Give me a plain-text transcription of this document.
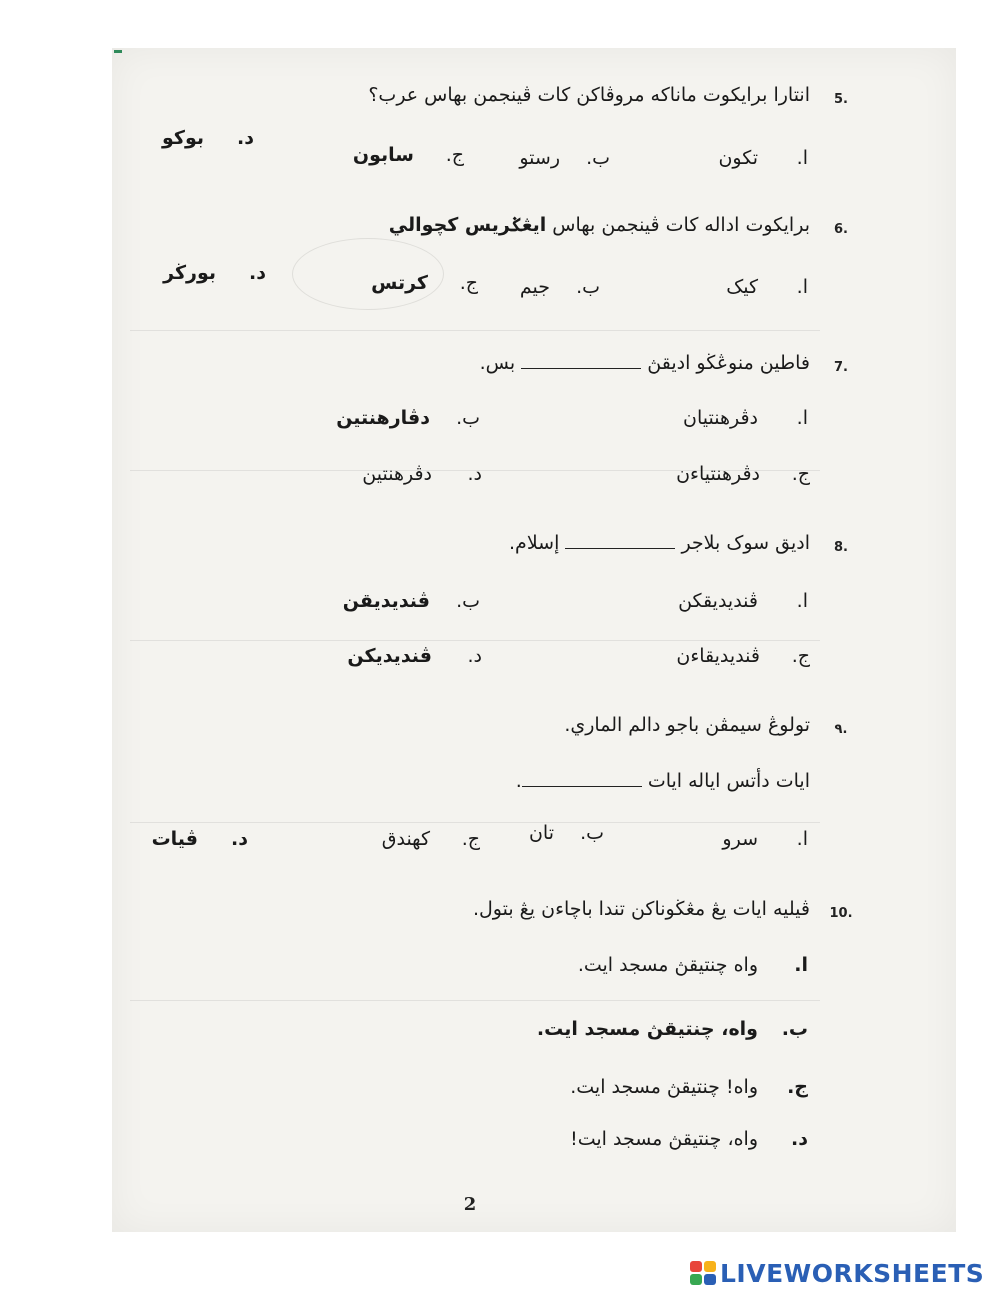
5.
انتارا برايكوت ماناكه مروڤاكن كات ڤينجمن بهاس عرب؟
ا.تكون
ب.رستو
ج.سابون
د.بوكو
6.
برايكوت اداله كات ڤينجمن بهاس ايڠݢريس كچوالي
ا.كيک
ب.جيم
ج.كرتس
د.بورڬر
7.
فاطين منوڠڬو اديقڽ  بس.
ا.دڤرهنتيان
ب.دڤارهنتين
ج.دڤرهنتياءن
د.دڤرهنتين
8.
اديق سوک بلاجر  إسلام.
ا.ڤنديديقكن
ب.ڤنديديقن
ج.ڤنديديقاءن
د.ڤنديديكن
٩.
تولوڠ سيمڤن باجو دالم الماري.
ايات دأتس اياله ايات .
ا.سرو
ب.تان
ج.كهندق
د.ڤيات
10.
ڤيليه ايات يڠ مڠڬوناكن تندا باچاءن يڠ بتول.
ا.واه چنتيقڽ مسجد ايت.
ب.واه، چنتيقڽ مسجد ايت.
ج.واه! چنتيقڽ مسجد ايت.
د.واه، چنتيقڽ مسجد ايت!
2
LIVEWORKSHEETS
